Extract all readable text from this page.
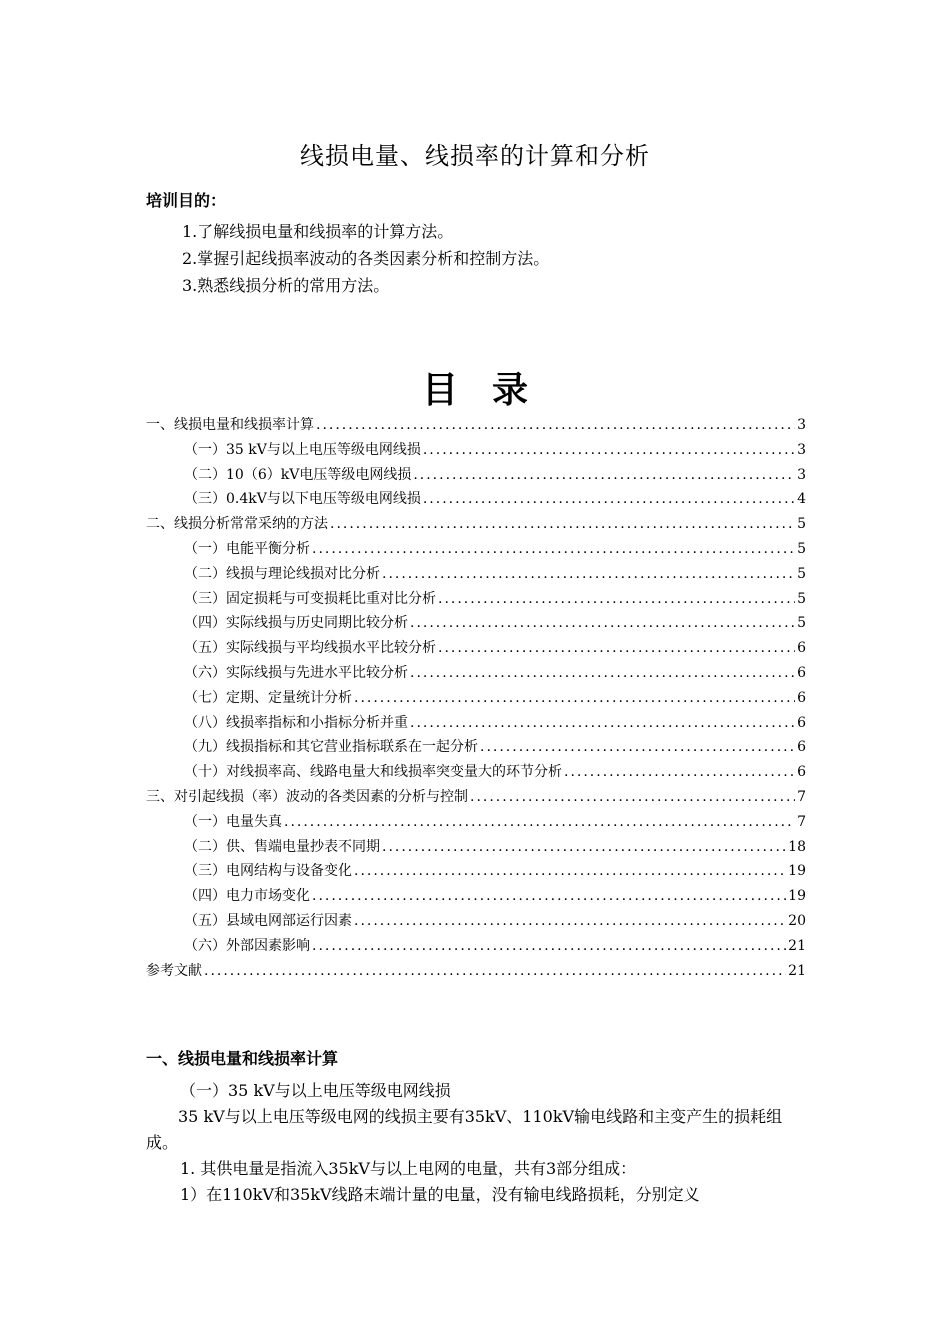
线损电量、线损率的计算和分析
培训目的：
1.了解线损电量和线损率的计算方法。
2.掌握引起线损率波动的各类因素分析和控制方法。
3.熟悉线损分析的常用方法。
目录
一、线损电量和线损率计算 .....	3
（一）35 kV与以上电压等级电网线损 .....	3
（二）10（6）kV电压等级电网线损 .....	3
（三）0.4kV与以下电压等级电网线损 .....	4
二、线损分析常常采纳的方法 .....	5
（一）电能平衡分析 .....	5
（二）线损与理论线损对比分析 .....	5
（三）固定损耗与可变损耗比重对比分析 .....	5
（四）实际线损与历史同期比较分析 .....	5
（五）实际线损与平均线损水平比较分析 .....	6
（六）实际线损与先进水平比较分析 .....	6
（七）定期、定量统计分析 .....	6
（八）线损率指标和小指标分析并重 .....	6
（九）线损指标和其它营业指标联系在一起分析 .....	6
（十）对线损率高、线路电量大和线损率突变量大的环节分析 .....	6
三、对引起线损（率）波动的各类因素的分析与控制 .....	7
（一）电量失真 .....	7
（二）供、售端电量抄表不同期 .....	18
（三）电网结构与设备变化 .....	19
（四）电力市场变化 .....	19
（五）县域电网部运行因素 .....	20
（六）外部因素影响 .....	21
参考文献 .....	21
一、线损电量和线损率计算
（一）35 kV与以上电压等级电网线损
35 kV与以上电压等级电网的线损主要有35kV、110kV输电线路和主变产生的损耗组成。
1. 其供电量是指流入35kV与以上电网的电量，共有3部分组成：
1）在110kV和35kV线路末端计量的电量，没有输电线路损耗，分别定义
